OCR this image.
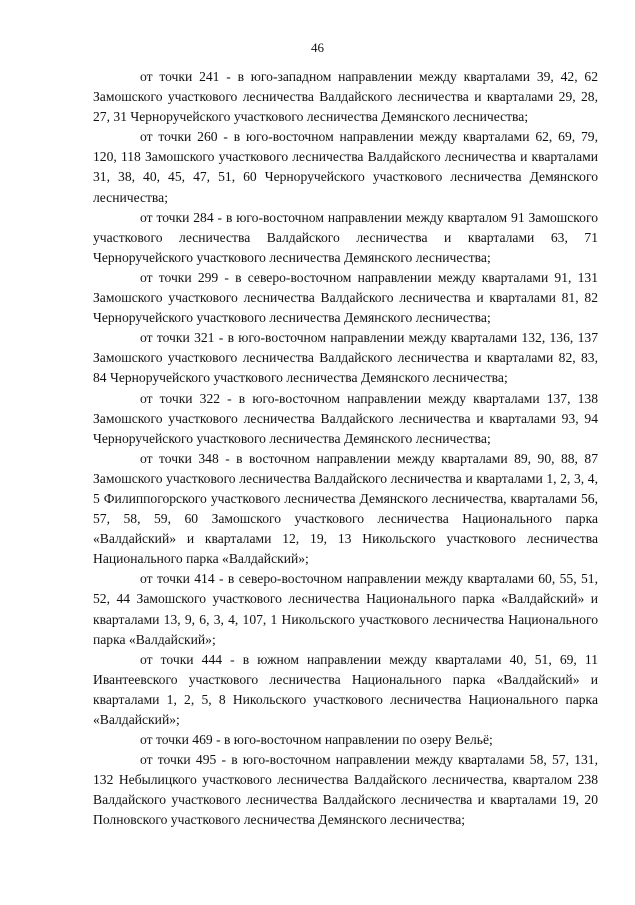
46

от точки 241 - в юго-западном направлении между кварталами 39, 42, 62 Замошского участкового лесничества Валдайского лесничества и кварталами 29, 28, 27, 31 Черноручейского участкового лесничества Демянского лесничества;

от точки 260 - в юго-восточном направлении между кварталами 62, 69, 79, 120, 118 Замошского участкового лесничества Валдайского лесничества и кварталами 31, 38, 40, 45, 47, 51, 60 Черноручейского участкового лесничества Демянского лесничества;

от точки 284 - в юго-восточном направлении между кварталом 91 Замошского участкового лесничества Валдайского лесничества и кварталами 63, 71 Черноручейского участкового лесничества Демянского лесничества;

от точки 299 - в северо-восточном направлении между кварталами 91, 131 Замошского участкового лесничества Валдайского лесничества и кварталами 81, 82 Черноручейского участкового лесничества Демянского лесничества;

от точки 321 - в юго-восточном направлении между кварталами 132, 136, 137 Замошского участкового лесничества Валдайского лесничества и кварталами 82, 83, 84 Черноручейского участкового лесничества Демянского лесничества;

от точки 322 - в юго-восточном направлении между кварталами 137, 138 Замошского участкового лесничества Валдайского лесничества и кварталами 93, 94 Черноручейского участкового лесничества Демянского лесничества;

от точки 348 - в восточном направлении между кварталами 89, 90, 88, 87 Замошского участкового лесничества Валдайского лесничества и кварталами 1, 2, 3, 4, 5 Филиппогорского участкового лесничества Демянского лесничества, кварталами 56, 57, 58, 59, 60 Замошского участкового лесничества Национального парка «Валдайский» и кварталами 12, 19, 13 Никольского участкового лесничества Национального парка «Валдайский»;

от точки 414 - в северо-восточном направлении между кварталами 60, 55, 51, 52, 44 Замошского участкового лесничества Национального парка «Валдайский» и кварталами 13, 9, 6, 3, 4, 107, 1 Никольского участкового лесничества Национального парка «Валдайский»;

от точки 444 - в южном направлении между кварталами 40, 51, 69, 11 Ивантеевского участкового лесничества Национального парка «Валдайский» и кварталами 1, 2, 5, 8 Никольского участкового лесничества Национального парка «Валдайский»;

от точки 469 - в юго-восточном направлении по озеру Вельё;

от точки 495 - в юго-восточном направлении между кварталами 58, 57, 131, 132 Небылицкого участкового лесничества Валдайского лесничества, кварталом 238 Валдайского участкового лесничества Валдайского лесничества и кварталами 19, 20 Полновского участкового лесничества Демянского лесничества;
